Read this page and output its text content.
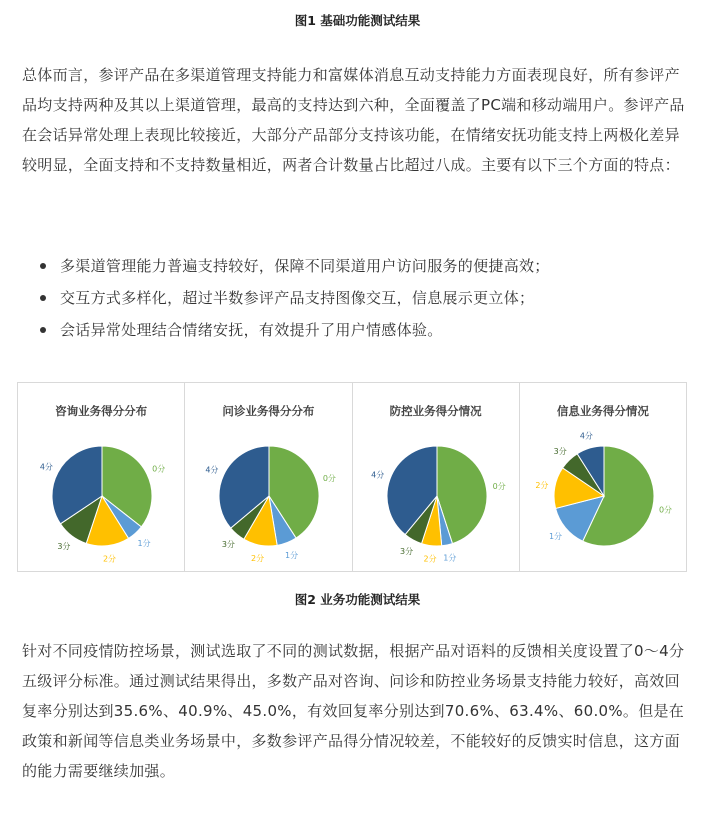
图1 基础功能测试结果

总体而言，参评产品在多渠道管理支持能力和富媒体消息互动支持能力方面表现良好，所有参评产品均支持两种及其以上渠道管理，最高的支持达到六种，全面覆盖了PC端和移动端用户。参评产品在会话异常处理上表现比较接近，大部分产品部分支持该功能，在情绪安抚功能支持上两极化差异较明显，全面支持和不支持数量相近，两者合计数量占比超过八成。主要有以下三个方面的特点：

多渠道管理能力普遍支持较好，保障不同渠道用户访问服务的便捷高效；
交互方式多样化，超过半数参评产品支持图像交互，信息展示更立体；
会话异常处理结合情绪安抚，有效提升了用户情感体验。
咨询业务得分分布
0分
1分
2分
3分
4分
问诊业务得分分布
0分
1分
2分
3分
4分
防控业务得分情况
0分
1分
2分
3分
4分
信息业务得分情况
0分
1分
2分
3分
4分
图2 业务功能测试结果

针对不同疫情防控场景，测试选取了不同的测试数据，根据产品对语料的反馈相关度设置了0～4分五级评分标准。通过测试结果得出，多数产品对咨询、问诊和防控业务场景支持能力较好，高效回复率分别达到35.6%、40.9%、45.0%，有效回复率分别达到70.6%、63.4%、60.0%。但是在政策和新闻等信息类业务场景中，多数参评产品得分情况较差，不能较好的反馈实时信息，这方面的能力需要继续加强。
